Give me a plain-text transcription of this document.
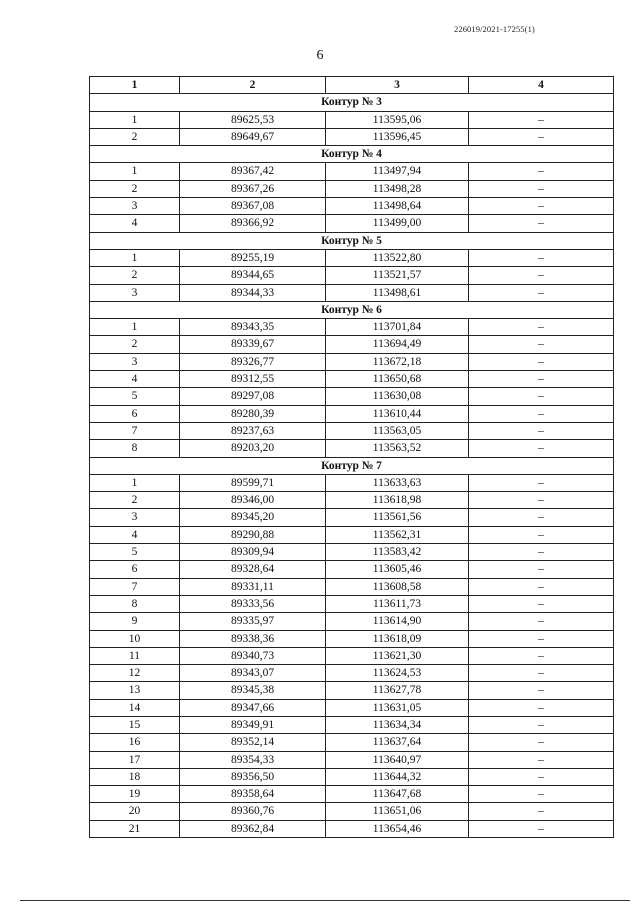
226019/2021-17255(1)
6
1	2	3	4
Контур № 3			
1	89625,53	113595,06	–
2	89649,67	113596,45	–
Контур № 4			
1	89367,42	113497,94	–
2	89367,26	113498,28	–
3	89367,08	113498,64	–
4	89366,92	113499,00	–
Контур № 5			
1	89255,19	113522,80	–
2	89344,65	113521,57	–
3	89344,33	113498,61	–
Контур № 6			
1	89343,35	113701,84	–
2	89339,67	113694,49	–
3	89326,77	113672,18	–
4	89312,55	113650,68	–
5	89297,08	113630,08	–
6	89280,39	113610,44	–
7	89237,63	113563,05	–
8	89203,20	113563,52	–
Контур № 7			
1	89599,71	113633,63	–
2	89346,00	113618,98	–
3	89345,20	113561,56	–
4	89290,88	113562,31	–
5	89309,94	113583,42	–
6	89328,64	113605,46	–
7	89331,11	113608,58	–
8	89333,56	113611,73	–
9	89335,97	113614,90	–
10	89338,36	113618,09	–
11	89340,73	113621,30	–
12	89343,07	113624,53	–
13	89345,38	113627,78	–
14	89347,66	113631,05	–
15	89349,91	113634,34	–
16	89352,14	113637,64	–
17	89354,33	113640,97	–
18	89356,50	113644,32	–
19	89358,64	113647,68	–
20	89360,76	113651,06	–
21	89362,84	113654,46	–
